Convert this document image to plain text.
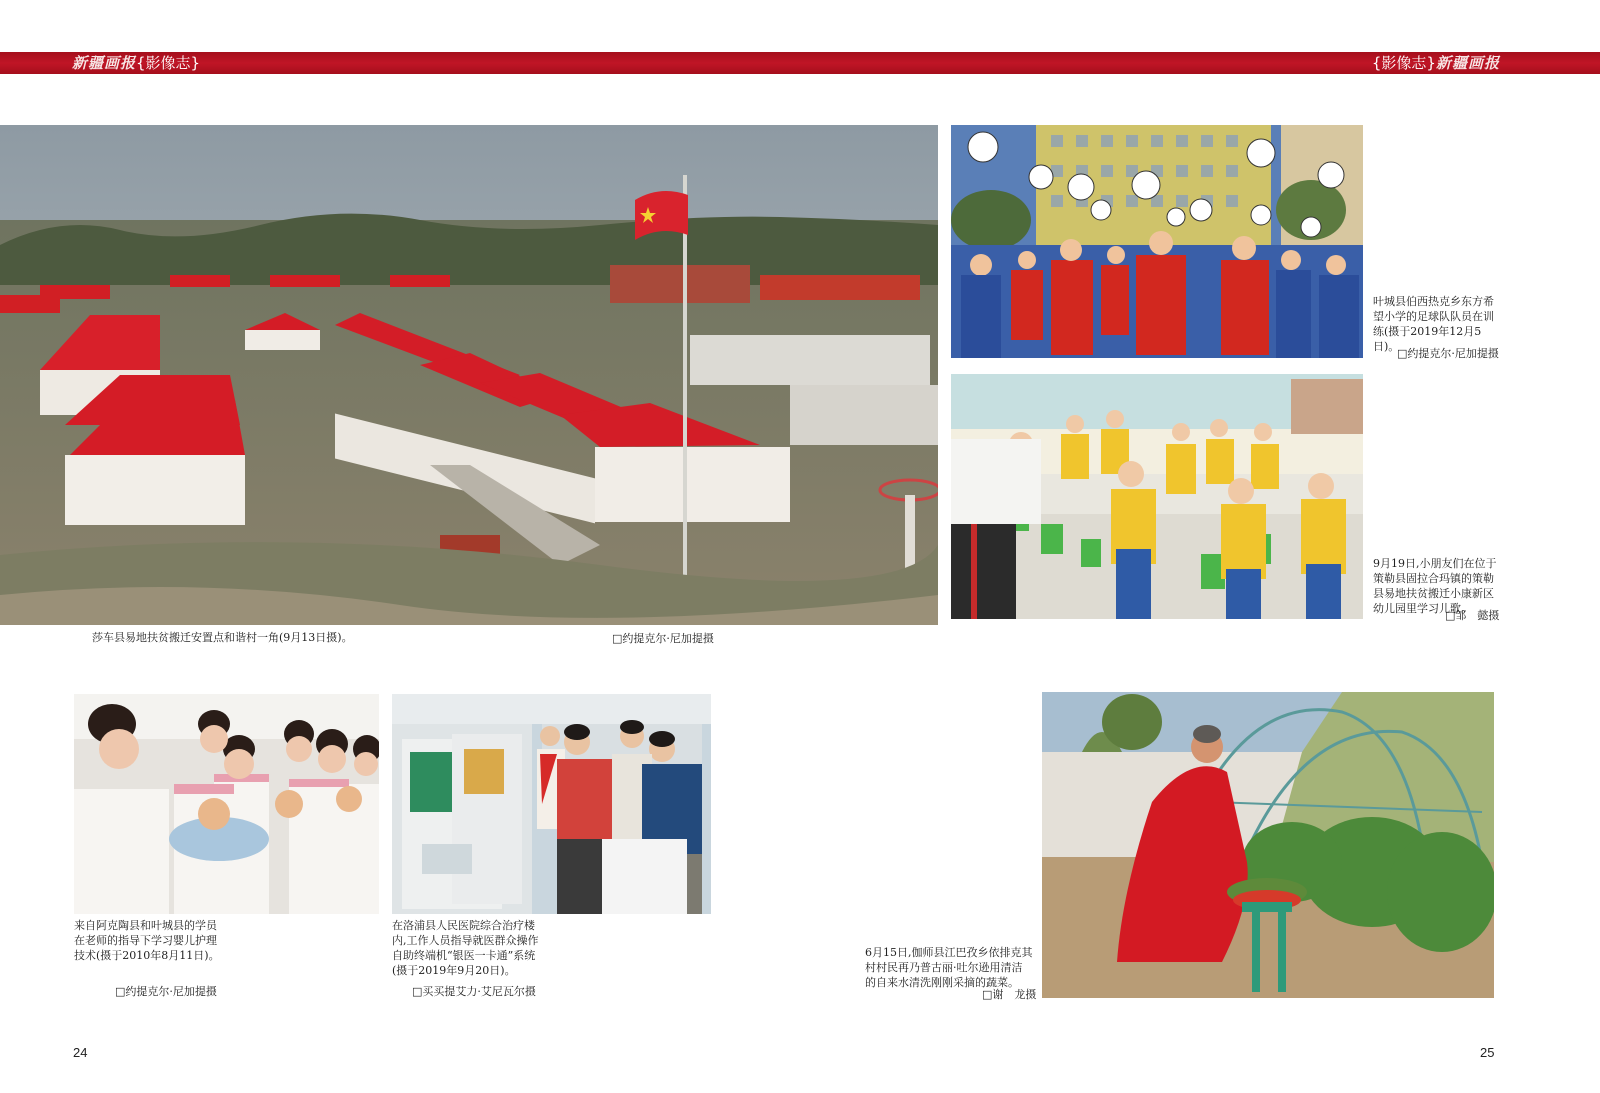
新疆画报{影像志}	{影像志}新疆画报
莎车县易地扶贫搬迁安置点和谐村一角(9月13日摄)。	□约提克尔·尼加提摄
叶城县伯西热克乡东方希望小学的足球队队员在训练(摄于2019年12月5日)。
□约提克尔·尼加提摄
9月19日,小朋友们在位于策勒县固拉合玛镇的策勒县易地扶贫搬迁小康新区幼儿园里学习儿歌。
□邹　懿摄
来自阿克陶县和叶城县的学员在老师的指导下学习婴儿护理技术(摄于2010年8月11日)。
□约提克尔·尼加提摄
在洛浦县人民医院综合治疗楼内,工作人员指导就医群众操作自助终端机“银医一卡通”系统(摄于2019年9月20日)。
□买买提艾力·艾尼瓦尔摄
6月15日,伽师县江巴孜乡依排克其村村民再乃普古丽·吐尔逊用清洁的自来水清洗刚刚采摘的蔬菜。
□谢　龙摄
24	25
